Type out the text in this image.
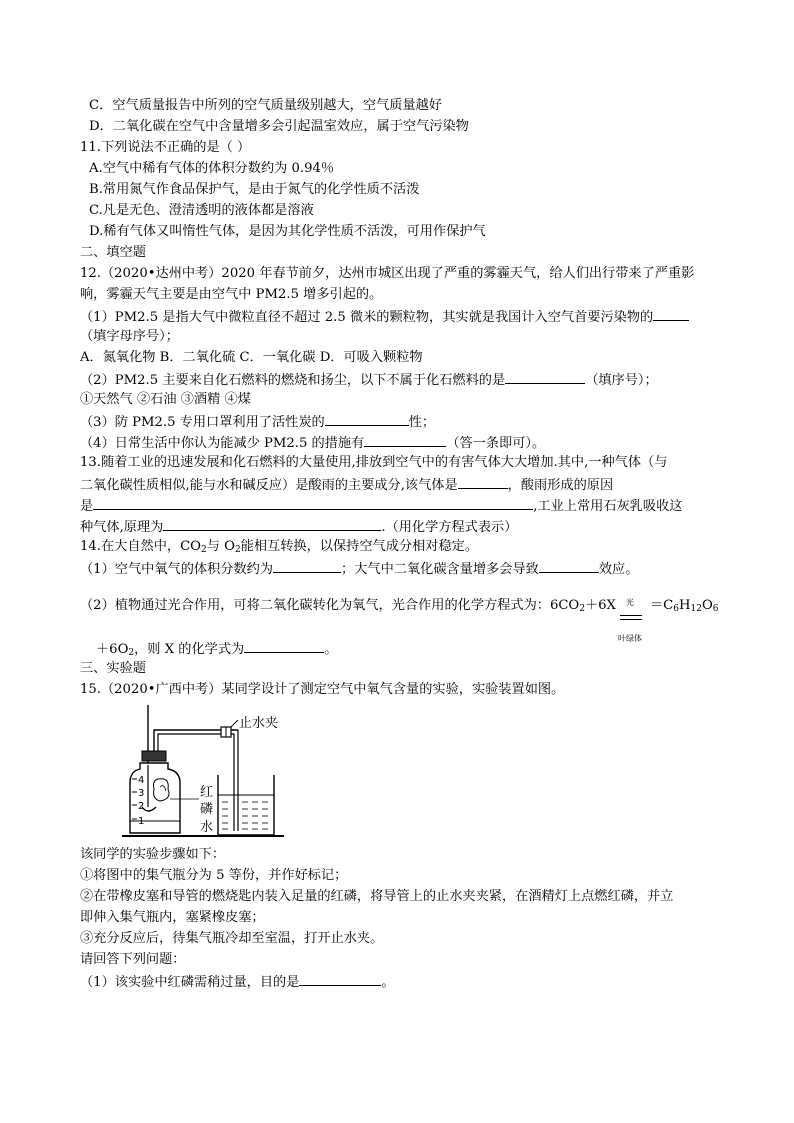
C．空气质量报告中所列的空气质量级别越大，空气质量越好
D．二氧化碳在空气中含量增多会引起温室效应，属于空气污染物
11.下列说法不正确的是（ ）
A.空气中稀有气体的体积分数约为 0.94％
B.常用氮气作食品保护气，是由于氮气的化学性质不活泼
C.凡是无色、澄清透明的液体都是溶液
D.稀有气体又叫惰性气体，是因为其化学性质不活泼，可用作保护气
二、填空题
12.（2020•达州中考）2020 年春节前夕，达州市城区出现了严重的雾霾天气，给人们出行带来了严重影
响，雾霾天气主要是由空气中 PM2.5 增多引起的。
（1）PM2.5 是指大气中微粒直径不超过 2.5 微米的颗粒物，其实就是我国计入空气首要污染物的
（填字母序号）；
A．氮氧化物 B．二氧化硫 C．一氧化碳 D．可吸入颗粒物
（2）PM2.5 主要来自化石燃料的燃烧和扬尘，以下不属于化石燃料的是	（填序号）；
①天然气 ②石油 ③酒精 ④煤
（3）防 PM2.5 专用口罩利用了活性炭的	性；
（4）日常生活中你认为能减少 PM2.5 的措施有	（答一条即可）。
13.随着工业的迅速发展和化石燃料的大量使用,排放到空气中的有害气体大大增加.其中,一种气体（与
二氧化碳性质相似,能与水和碱反应）是酸雨的主要成分,该气体是	，酸雨形成的原因
是	,工业上常用石灰乳吸收这
种气体,原理为	.（用化学方程式表示）
14.在大自然中，$CO_2$与 $O_2$能相互转换，以保持空气成分相对稳定。
（1）空气中氧气的体积分数约为	；大气中二氧化碳含量增多会导致	效应。
（2）植物通过光合作用，可将二氧化碳转化为氧气，光合作用的化学方程式为：$6CO_2+6X$ 光
叶绿体
$=C_6H_{12}O_6$
$+6O_2$，则 X 的化学式为	。
三、实验题
15.（2020•广西中考）某同学设计了测定空气中氧气含量的实验，实验装置如图。
止水夹
4
3
2
1
红
磷
水
该同学的实验步骤如下：
①将图中的集气瓶分为 5 等份，并作好标记；
②在带橡皮塞和导管的燃烧匙内装入足量的红磷，将导管上的止水夹夹紧，在酒精灯上点燃红磷，并立
即伸入集气瓶内，塞紧橡皮塞；
③充分反应后，待集气瓶冷却至室温，打开止水夹。
请回答下列问题：
（1）该实验中红磷需稍过量，目的是	。
